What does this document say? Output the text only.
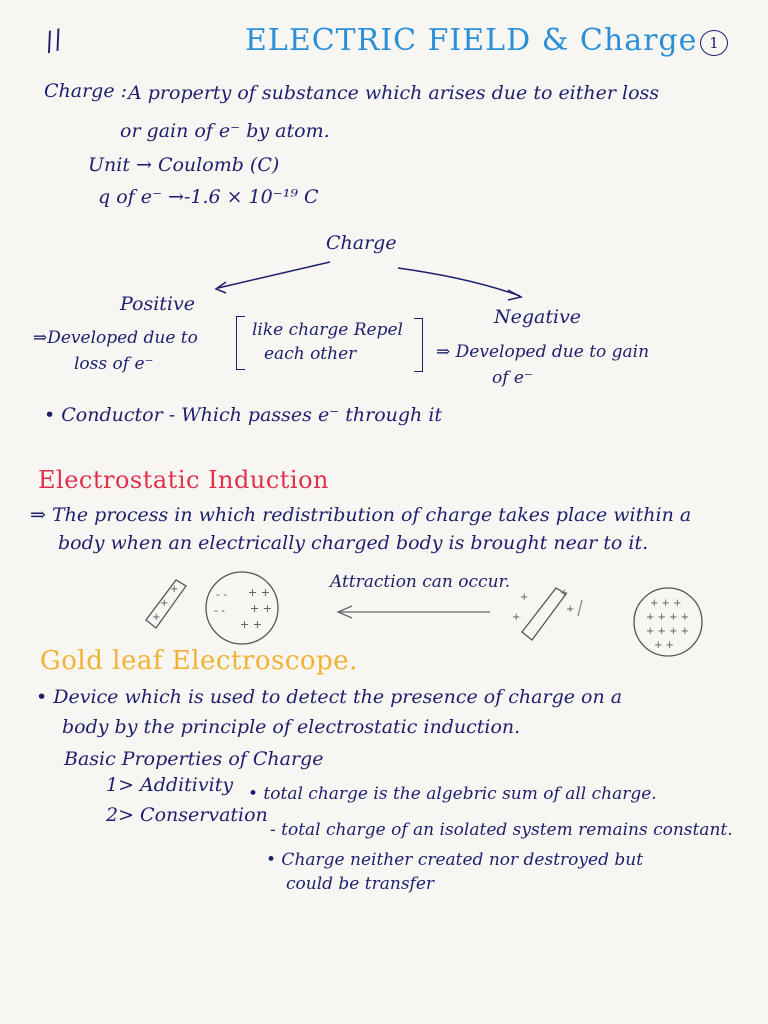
//	ELECTRIC FIELD & Charge 1
Charge : A property of substance which arises due to either loss
or gain of e⁻ by atom.
Unit → Coulomb (C)
q of e⁻ →-1.6 × 10⁻¹⁹ C
Charge
Positive
Negative
⇒Developed due to
loss of e⁻
like charge Repel
each other	⇒ Developed due to gain
of e⁻
• Conductor - Which passes e⁻ through it
Electrostatic Induction
⇒ The process in which redistribution of charge takes place within a
body when an electrically charged body is brought near to it.
Attraction can occur.
+
+
+
- -
- -
+ +
+ +
+ +
+
+	+
+
+ + +
+ + + +
+ + + +
+ +
Gold leaf Electroscope.
• Device which is used to detect the presence of charge on a
body by the principle of electrostatic induction.
Basic Properties of Charge
1> Additivity • total charge is the algebric sum of all charge.
2> Conservation
- total charge of an isolated system remains constant.
• Charge neither created nor destroyed but
could be transfer
